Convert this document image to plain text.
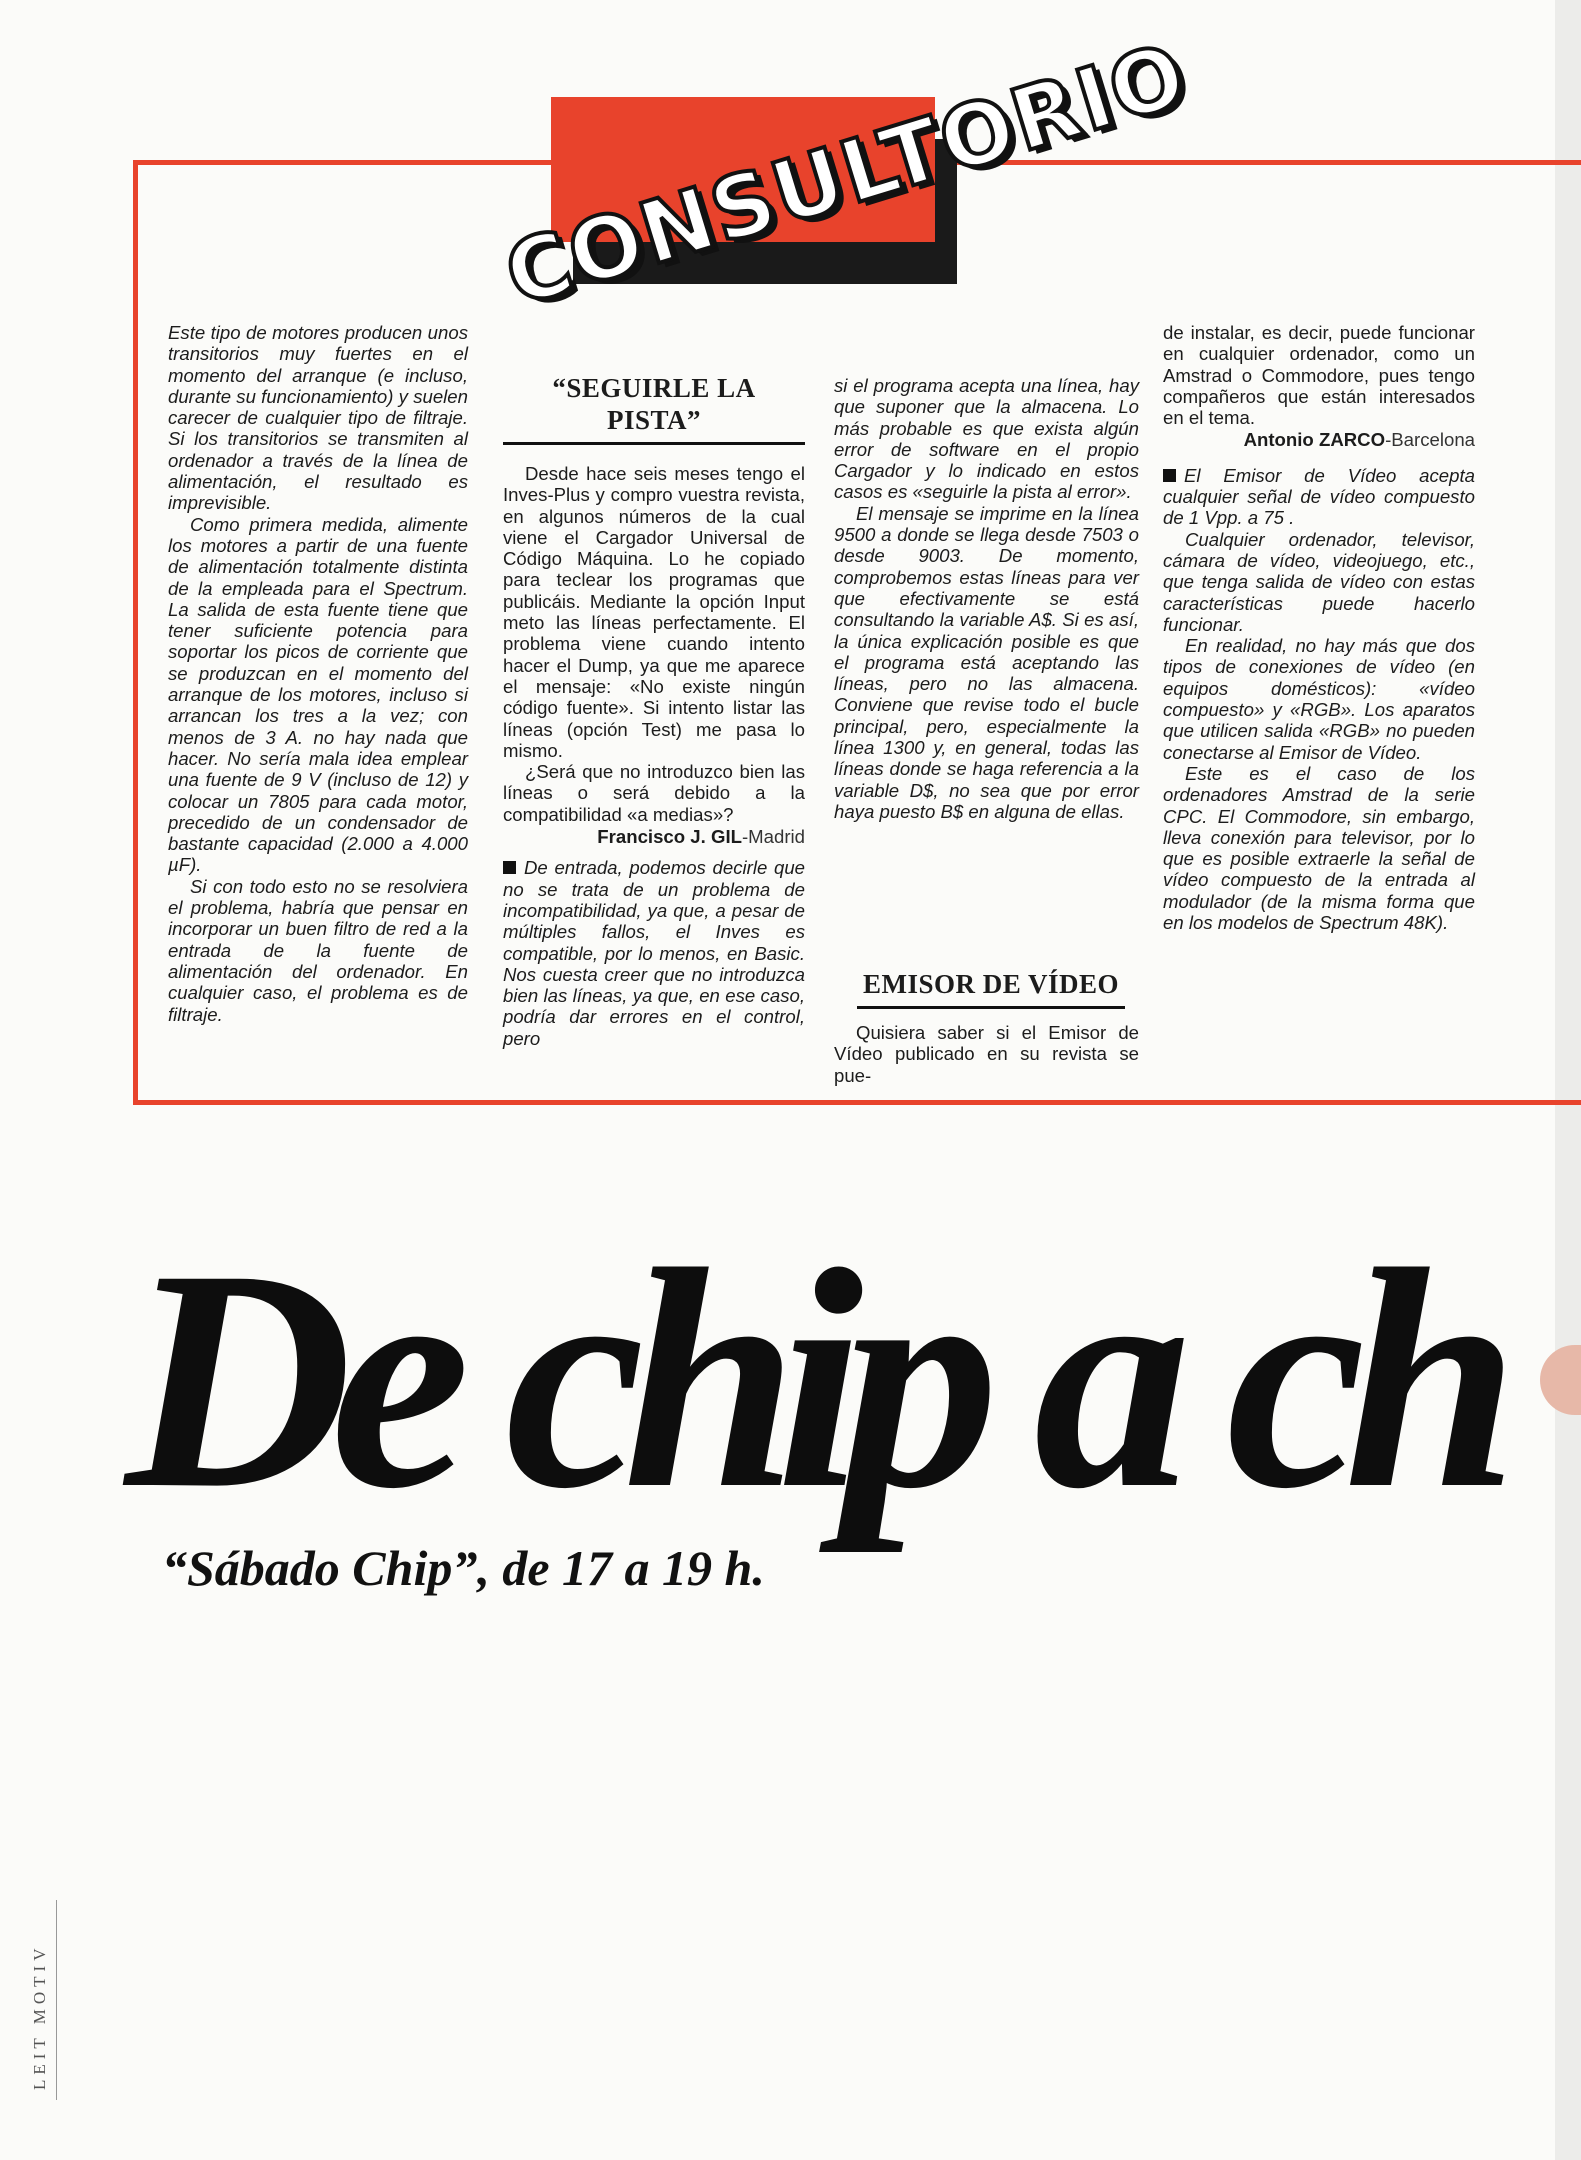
CONSULTORIO

Este tipo de motores producen unos transitorios muy fuertes en el momento del arranque (e incluso, durante su funcionamiento) y suelen carecer de cualquier tipo de filtraje. Si los transitorios se transmiten al ordenador a través de la línea de alimentación, el resultado es imprevisible.

Como primera medida, alimente los motores a partir de una fuente de alimentación totalmente distinta de la empleada para el Spectrum. La salida de esta fuente tiene que tener suficiente potencia para soportar los picos de corriente que se produzcan en el momento del arranque de los motores, incluso si arrancan los tres a la vez; con menos de 3 A. no hay nada que hacer. No sería mala idea emplear una fuente de 9 V (incluso de 12) y colocar un 7805 para cada motor, precedido de un condensador de bastante capacidad (2.000 a 4.000 µF).

Si con todo esto no se resolviera el problema, habría que pensar en incorporar un buen filtro de red a la entrada de la fuente de alimentación del ordenador. En cualquier caso, el problema es de filtraje.

“SEGUIRLE LA PISTA”

Desde hace seis meses tengo el Inves-Plus y compro vuestra revista, en algunos números de la cual viene el Cargador Universal de Código Máquina. Lo he copiado para teclear los programas que publicáis. Mediante la opción Input meto las líneas perfectamente. El problema viene cuando intento hacer el Dump, ya que me aparece el mensaje: «No existe ningún código fuente». Si intento listar las líneas (opción Test) me pasa lo mismo.

¿Será que no introduzco bien las líneas o será debido a la compatibilidad «a medias»?

Francisco J. GIL-Madrid

De entrada, podemos decirle que no se trata de un problema de incompatibilidad, ya que, a pesar de múltiples fallos, el Inves es compatible, por lo menos, en Basic. Nos cuesta creer que no introduzca bien las líneas, ya que, en ese caso, podría dar errores en el control, pero

si el programa acepta una línea, hay que suponer que la almacena. Lo más probable es que exista algún error de software en el propio Cargador y lo indicado en estos casos es «seguirle la pista al error».

El mensaje se imprime en la línea 9500 a donde se llega desde 7503 o desde 9003. De momento, comprobemos estas líneas para ver que efectivamente se está consultando la variable A$. Si es así, la única explicación posible es que el programa está aceptando las líneas, pero no las almacena. Conviene que revise todo el bucle principal, pero, especialmente la línea 1300 y, en general, todas las líneas donde se haga referencia a la variable D$, no sea que por error haya puesto B$ en alguna de ellas.

EMISOR DE VÍDEO

Quisiera saber si el Emisor de Vídeo publicado en su revista se pue-

de instalar, es decir, puede funcionar en cualquier ordenador, como un Amstrad o Commodore, pues tengo compañeros que están interesados en el tema.

Antonio ZARCO-Barcelona

El Emisor de Vídeo acepta cualquier señal de vídeo compuesto de 1 Vpp. a 75 .

Cualquier ordenador, televisor, cámara de vídeo, videojuego, etc., que tenga salida de vídeo con estas características puede hacerlo funcionar.

En realidad, no hay más que dos tipos de conexiones de vídeo (en equipos domésticos): «vídeo compuesto» y «RGB». Los aparatos que utilicen salida «RGB» no pueden conectarse al Emisor de Vídeo.

Este es el caso de los ordenadores Amstrad de la serie CPC. El Commodore, sin embargo, lleva conexión para televisor, por lo que es posible extraerle la señal de vídeo compuesto de la entrada al modulador (de la misma forma que en los modelos de Spectrum 48K).

De chip a ch
“Sábado Chip”, de 17 a 19 h.
LEIT MOTIV
